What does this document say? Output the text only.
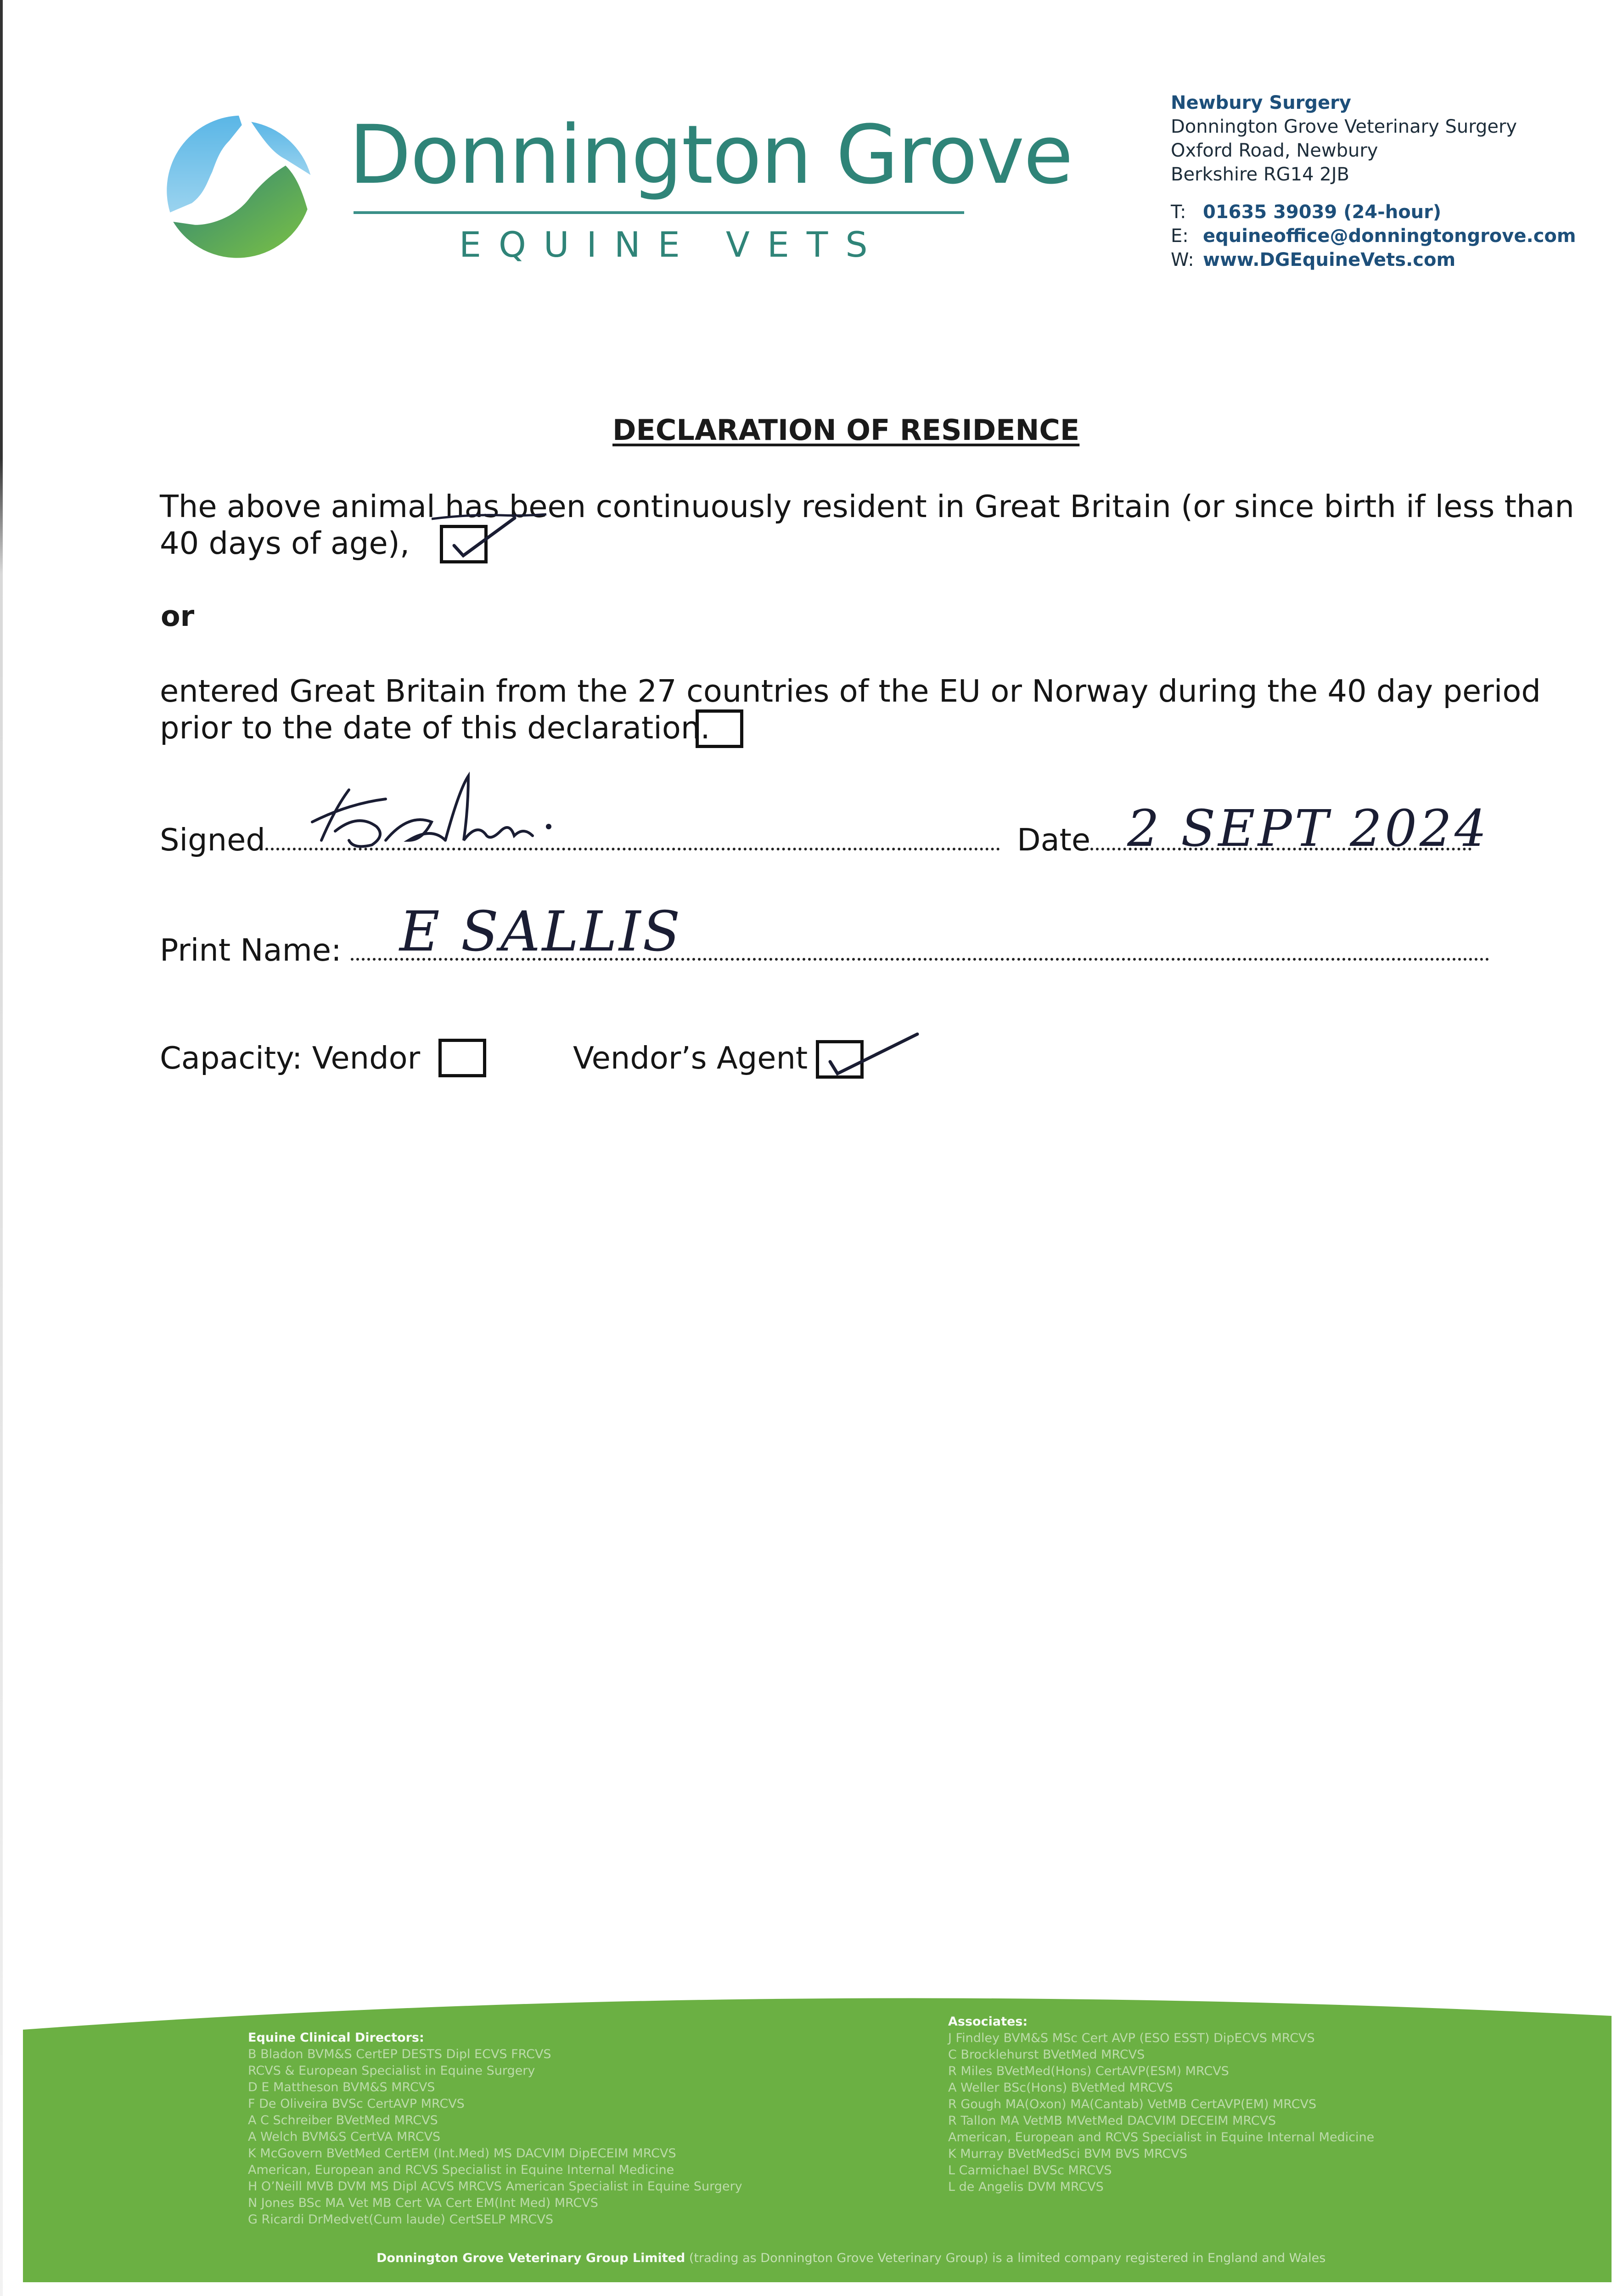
Donnington Grove
EQUINE VETS
Newbury Surgery
Donnington Grove Veterinary Surgery
Oxford Road, Newbury
Berkshire RG14 2JB
T: 01635 39039 (24-hour)
E: equineoffice@donningtongrove.com
W: www.DGEquineVets.com
DECLARATION OF RESIDENCE
The above animal has been continuously resident in Great Britain (or since birth if less than
40 days of age),
or
entered Great Britain from the 27 countries of the EU or Norway during the 40 day period
prior to the date of this declaration.
Signed	Date 2 SEPT 2024
Print Name:	E SALLIS
Capacity: Vendor	Vendor’s Agent
Equine Clinical Directors:
B Bladon BVM&S CertEP DESTS Dipl ECVS FRCVS
RCVS & European Specialist in Equine Surgery
D E Mattheson BVM&S MRCVS
F De Oliveira BVSc CertAVP MRCVS
A C Schreiber BVetMed MRCVS
A Welch BVM&S CertVA MRCVS
K McGovern BVetMed CertEM (Int.Med) MS DACVIM DipECEIM MRCVS
American, European and RCVS Specialist in Equine Internal Medicine
H O’Neill MVB DVM MS Dipl ACVS MRCVS American Specialist in Equine Surgery
N Jones BSc MA Vet MB Cert VA Cert EM(Int Med) MRCVS
G Ricardi DrMedvet(Cum laude) CertSELP MRCVS
Associates:
J Findley BVM&S MSc Cert AVP (ESO ESST) DipECVS MRCVS
C Brocklehurst BVetMed MRCVS
R Miles BVetMed(Hons) CertAVP(ESM) MRCVS
A Weller BSc(Hons) BVetMed MRCVS
R Gough MA(Oxon) MA(Cantab) VetMB CertAVP(EM) MRCVS
R Tallon MA VetMB MVetMed DACVIM DECEIM MRCVS
American, European and RCVS Specialist in Equine Internal Medicine
K Murray BVetMedSci BVM BVS MRCVS
L Carmichael BVSc MRCVS
L de Angelis DVM MRCVS
Donnington Grove Veterinary Group Limited (trading as Donnington Grove Veterinary Group) is a limited company registered in England and Wales
